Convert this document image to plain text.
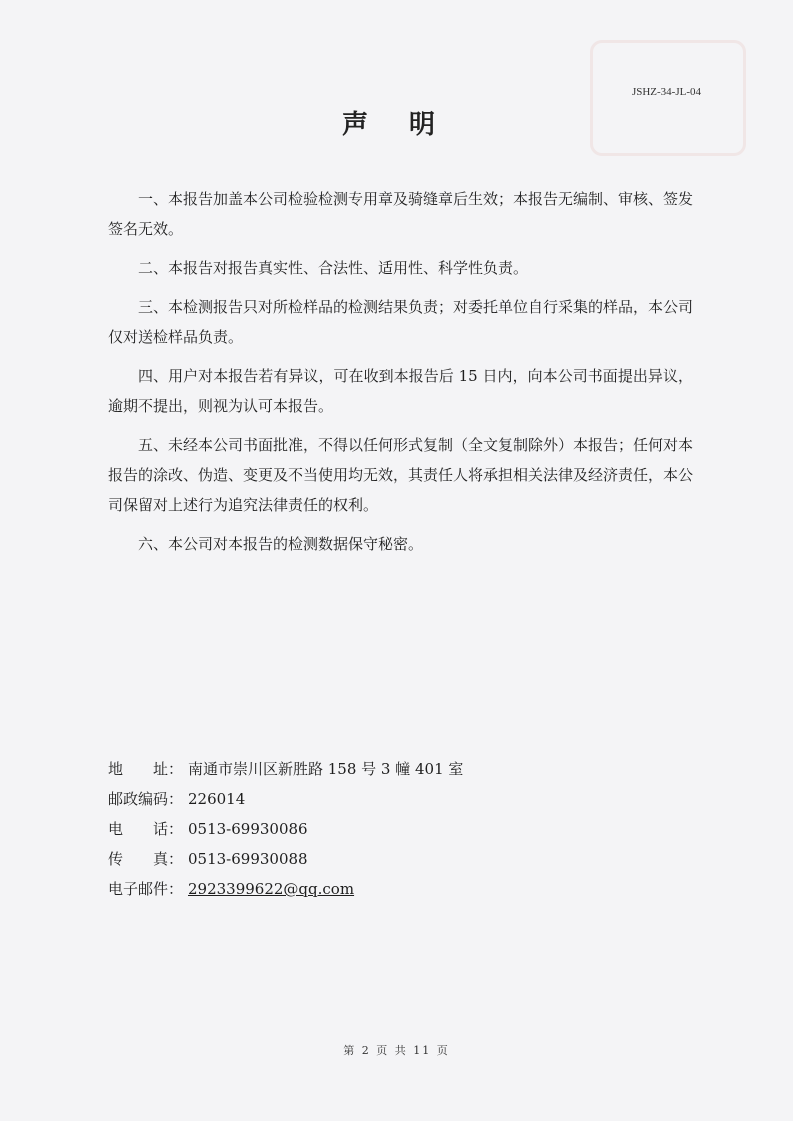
JSHZ-34-JL-04
声 明

一、本报告加盖本公司检验检测专用章及骑缝章后生效；本报告无编制、审核、签发签名无效。

二、本报告对报告真实性、合法性、适用性、科学性负责。

三、本检测报告只对所检样品的检测结果负责；对委托单位自行采集的样品，本公司仅对送检样品负责。

四、用户对本报告若有异议，可在收到本报告后 15 日内，向本公司书面提出异议，逾期不提出，则视为认可本报告。

五、未经本公司书面批准，不得以任何形式复制（全文复制除外）本报告；任何对本报告的涂改、伪造、变更及不当使用均无效，其责任人将承担相关法律及经济责任，本公司保留对上述行为追究法律责任的权利。

六、本公司对本报告的检测数据保守秘密。

地　　址： 南通市崇川区新胜路 158 号 3 幢 401 室
邮政编码： 226014
电　　话： 0513-69930086
传　　真： 0513-69930088
电子邮件： 2923399622@qq.com
第 2 页 共 11 页
